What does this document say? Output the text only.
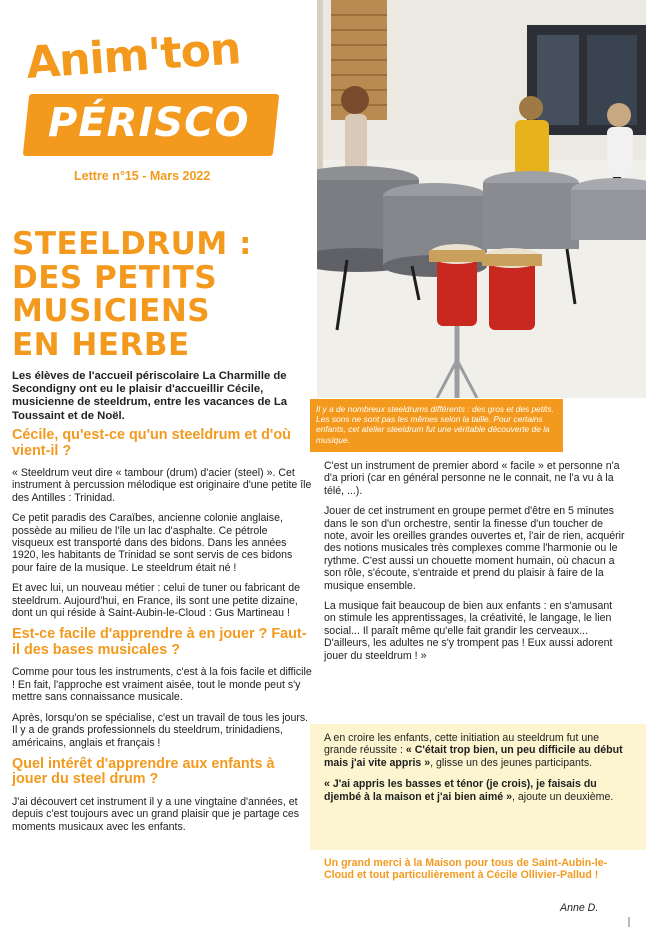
Anim'ton
PÉRISCO
Lettre n°15 - Mars 2022
Il y a de nombreux steeldrums différents : des gros et des petits. Les sons ne sont pas les mêmes selon la taille. Pour certains enfants, cet atelier steeldrum fut une véritable découverte de la musique.
STEELDRUM :
DES PETITS
MUSICIENS
EN HERBE
Les élèves de l'accueil périscolaire La Charmille de Secondigny ont eu le plaisir d'accueillir Cécile, musicienne de steeldrum, entre les vacances de La Toussaint et de Noël.
Cécile, qu'est-ce qu'un steeldrum et d'où vient-il ?

« Steeldrum veut dire « tambour (drum) d'acier (steel) ». Cet instrument à percussion mélodique est originaire d'une petite île des Antilles : Trinidad.

Ce petit paradis des Caraïbes, ancienne colonie anglaise, possède au milieu de l'île un lac d'asphalte. Ce pétrole visqueux est transporté dans des bidons. Dans les années 1920, les habitants de Trinidad se sont servis de ces bidons pour faire de la musique. Le steeldrum était né !

Et avec lui, un nouveau métier : celui de tuner ou fabricant de steeldrum. Aujourd'hui, en France, ils sont une petite dizaine, dont un qui réside à Saint-Aubin-le-Cloud : Gus Martineau !

Est-ce facile d'apprendre à en jouer ? Faut-il des bases musicales ?

Comme pour tous les instruments, c'est à la fois facile et difficile ! En fait, l'approche est vraiment aisée, tout le monde peut s'y mettre sans connaissance musicale.

Après, lorsqu'on se spécialise, c'est un travail de tous les jours. Il y a de grands professionnels du steeldrum, trinidadiens, américains, anglais et français !

Quel intérêt d'apprendre aux enfants à jouer du steel drum ?

J'ai découvert cet instrument il y a une vingtaine d'années, et depuis c'est toujours avec un grand plaisir que je partage ces moments musicaux avec les enfants.

C'est un instrument de premier abord « facile » et personne n'a d'a priori (car en général personne ne le connait, ne l'a vu à la télé, ...).

Jouer de cet instrument en groupe permet d'être en 5 minutes dans le son d'un orchestre, sentir la finesse d'un toucher de note, avoir les oreilles grandes ouvertes et, l'air de rien, acquérir des notions musicales très complexes comme l'harmonie ou le rythme. C'est aussi un chouette moment humain, où chacun a son rôle, s'écoute, s'entraide et prend du plaisir à faire de la musique ensemble.

La musique fait beaucoup de bien aux enfants : en s'amusant on stimule les apprentissages, la créativité, le langage, le lien social... Il paraît même qu'elle fait grandir les cerveaux... D'ailleurs, les adultes ne s'y trompent pas ! Eux aussi adorent jouer du steeldrum ! »

A en croire les enfants, cette initiation au steeldrum fut une grande réussite : « C'était trop bien, un peu difficile au début mais j'ai vite appris », glisse un des jeunes participants.

« J'ai appris les basses et ténor (je crois), je faisais du djembé à la maison et j'ai bien aimé », ajoute un deuxième.

Un grand merci à la Maison pour tous de Saint-Aubin-le-Cloud et tout particulièrement à Cécile Ollivier-Pallud !
Anne D.
